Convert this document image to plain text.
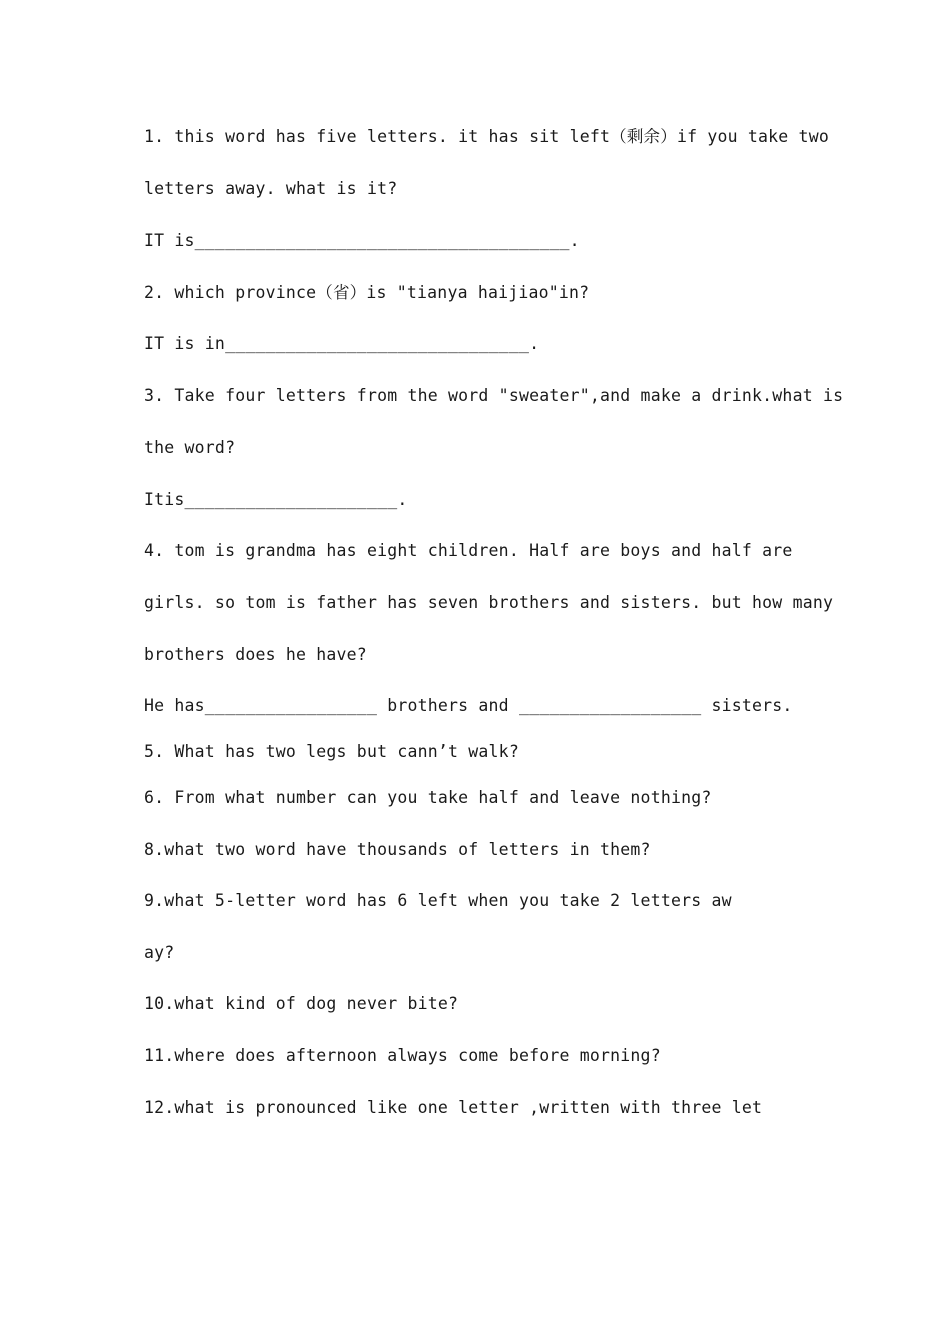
1. this word has five letters. it has sit left（剩余）if you take two
letters away. what is it?
IT is_____________________________________.
2. which province（省）is "tianya haijiao"in?
IT is in______________________________.
3. Take four letters from the word "sweater",and make a drink.what is
the word?
Itis_____________________.
4. tom is grandma has eight children. Half are boys and half are
girls. so tom is father has seven brothers and sisters. but how many
brothers does he have?
He has_________________ brothers and __________________ sisters.
5. What has two legs but cann’t walk?
6. From what number can you take half and leave nothing?
8.what two word have thousands of letters in them?
9.what 5-letter word has 6 left when you take 2 letters aw
ay?
10.what kind of dog never bite?
11.where does afternoon always come before morning?
12.what is pronounced like one letter ,written with three let
